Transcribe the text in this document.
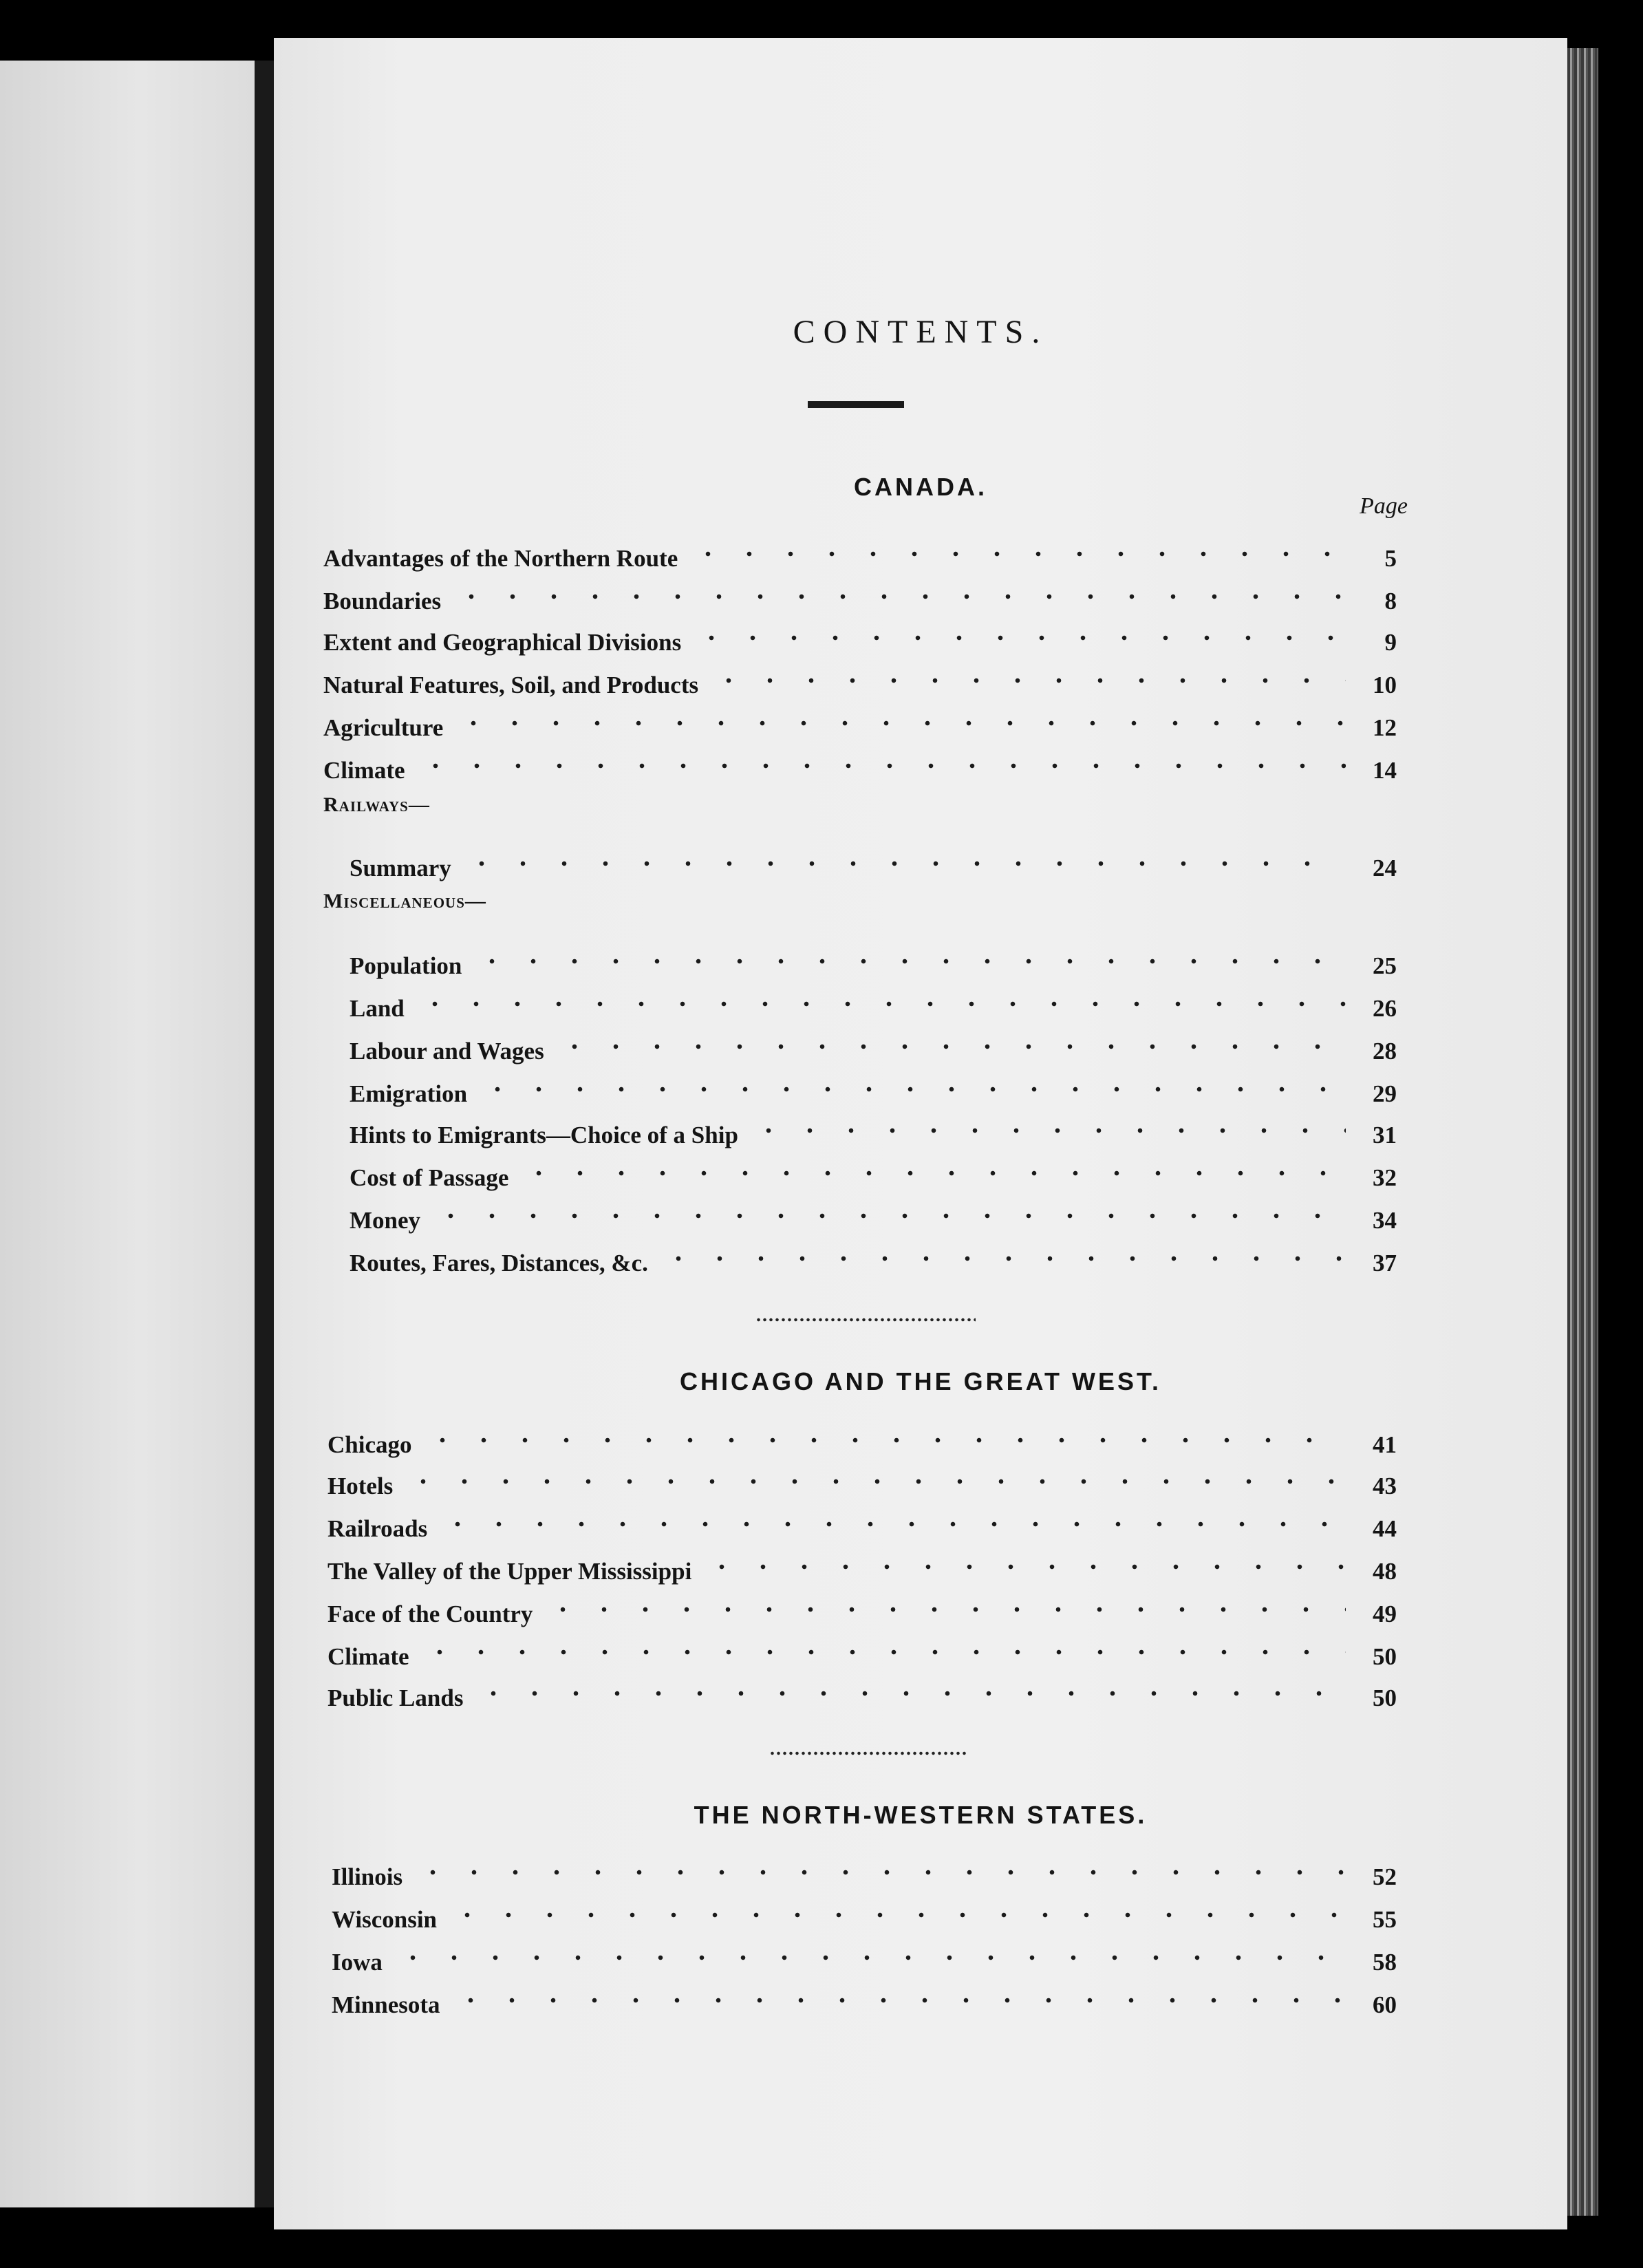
CONTENTS.
CANADA.
Page
Advantages of the Northern Route	5
Boundaries	8
Extent and Geographical Divisions	9
Natural Features, Soil, and Products	10
Agriculture	12
Climate	14
Railways—
Summary	24
Miscellaneous—
Population	25
Land	26
Labour and Wages	28
Emigration	29
Hints to Emigrants—Choice of a Ship	31
Cost of Passage	32
Money	34
Routes, Fares, Distances, &c.	37
CHICAGO AND THE GREAT WEST.
Chicago	41
Hotels	43
Railroads	44
The Valley of the Upper Mississippi	48
Face of the Country	49
Climate	50
Public Lands	50
THE NORTH-WESTERN STATES.
Illinois	52
Wisconsin	55
Iowa	58
Minnesota	60
